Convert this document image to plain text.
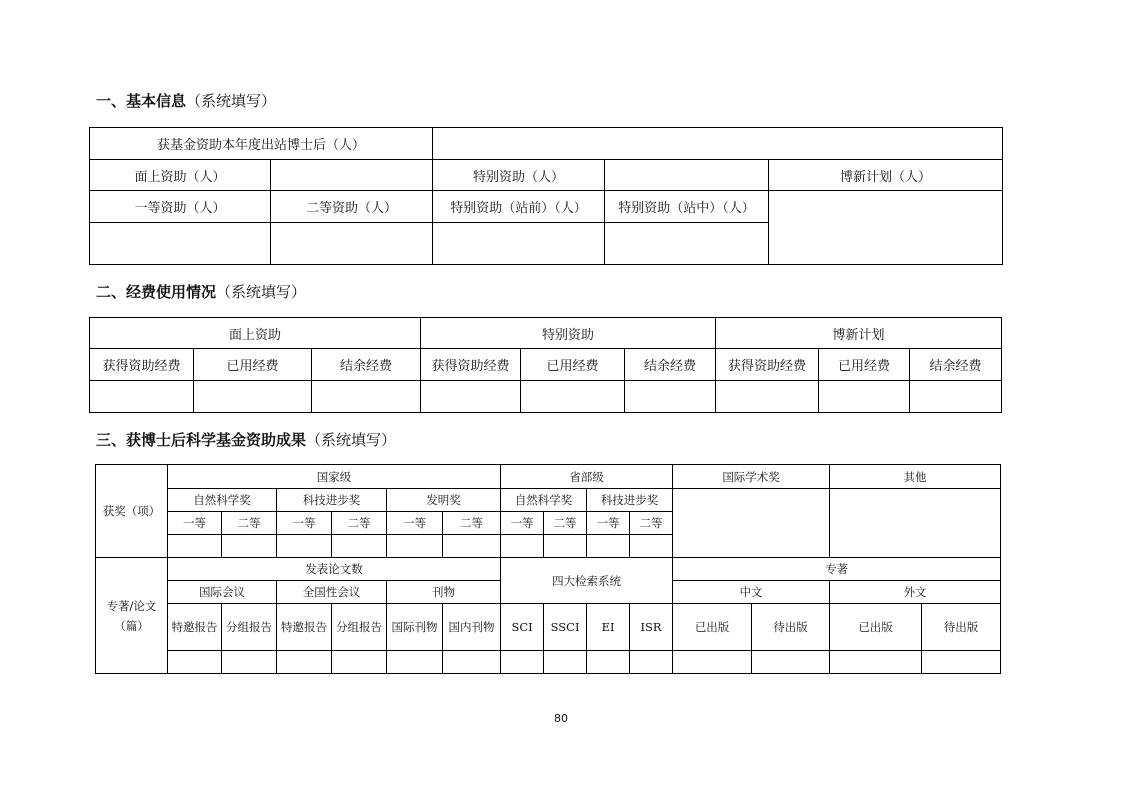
一、基本信息（系统填写）
获基金资助本年度出站博士后（人）				
面上资助（人）		特别资助（人）		博新计划（人）
一等资助（人）	二等资助（人）	特别资助（站前）（人）	特别资助（站中）（人）	

二、经费使用情况（系统填写）
面上资助			特别资助			博新计划		
获得资助经费	已用经费	结余经费	获得资助经费	已用经费	结余经费	获得资助经费	已用经费	结余经费

三、获博士后科学基金资助成果（系统填写）
获奖（项）	国家级						省部级				国际学术奖		其他	
	自然科学奖		科技进步奖		发明奖		自然科学奖		科技进步奖					
	一等	二等	一等	二等	一等	二等	一等	二等	一等	二等				

专著/论文（篇）	发表论文数						四大检索系统				专著			
	国际会议		全国性会议		刊物						中文		外文	
	特邀报告	分组报告	特邀报告	分组报告	国际刊物	国内刊物	SCI	SSCI	EI	ISR	已出版	待出版	已出版	待出版

80
